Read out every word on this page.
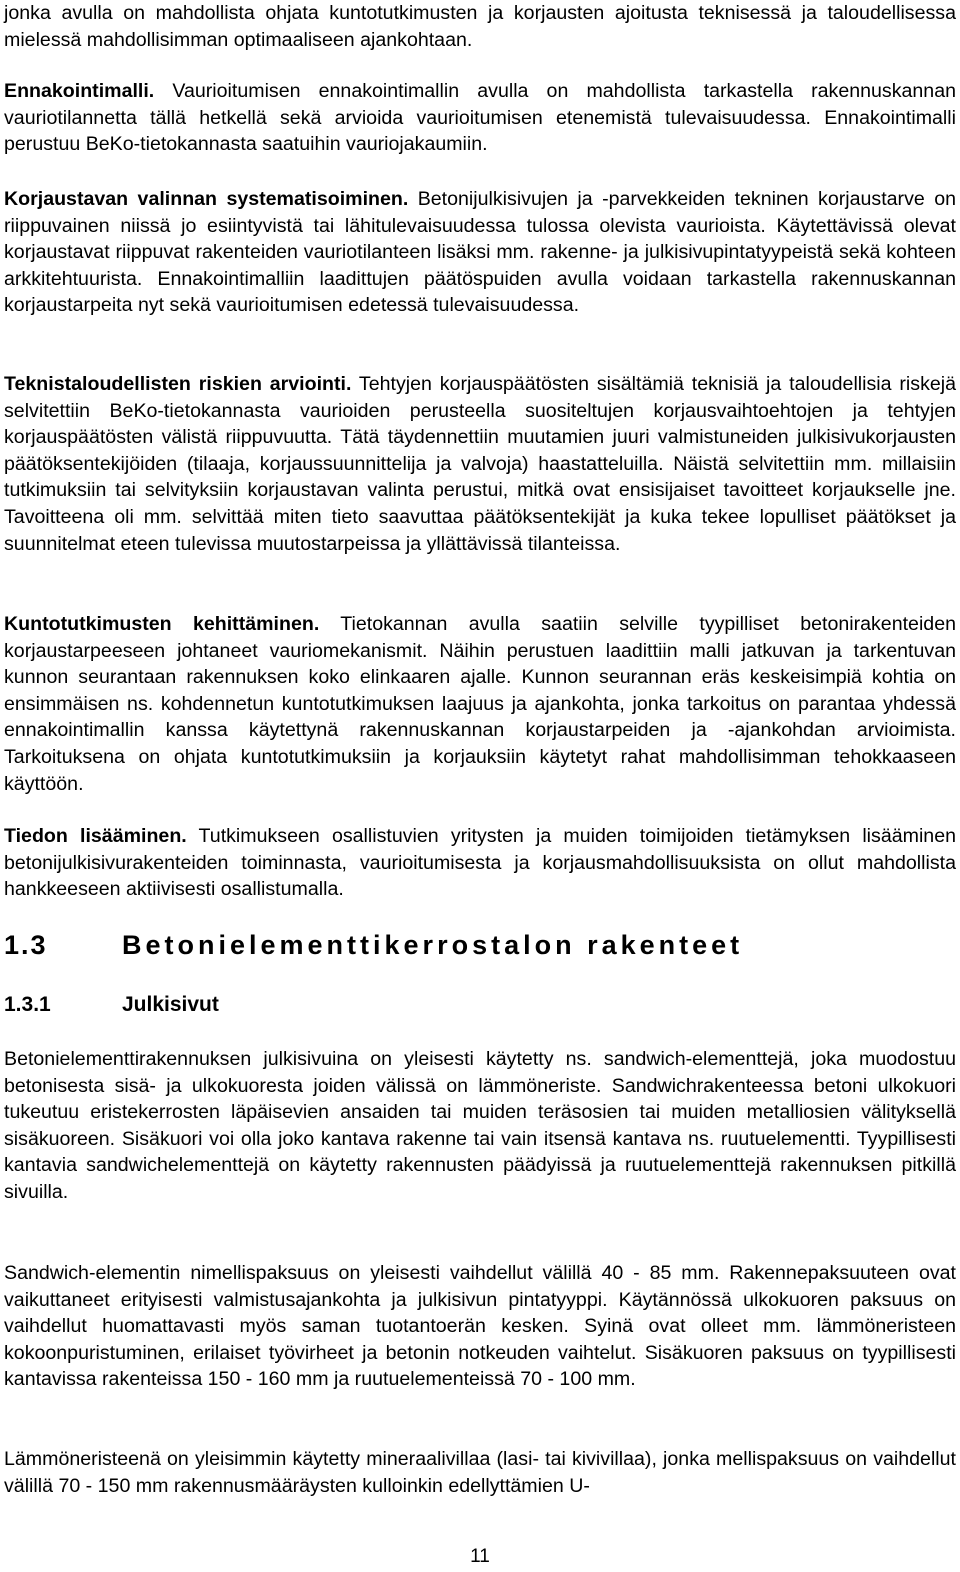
jonka avulla on mahdollista ohjata kuntotutkimusten ja korjausten ajoitusta teknisessä ja taloudellisessa mielessä mahdollisimman optimaaliseen ajankohtaan.

Ennakointimalli. Vaurioitumisen ennakointimallin avulla on mahdollista tarkastella rakennuskannan vauriotilannetta tällä hetkellä sekä arvioida vaurioitumisen etenemistä tulevaisuudessa. Ennakointimalli perustuu BeKo-tietokannasta saatuihin vauriojakaumiin.

Korjaustavan valinnan systematisoiminen. Betonijulkisivujen ja -parvekkeiden tekninen korjaustarve on riippuvainen niissä jo esiintyvistä tai lähitulevaisuudessa tulossa olevista vaurioista. Käytettävissä olevat korjaustavat riippuvat rakenteiden vauriotilanteen lisäksi mm. rakenne- ja julkisivupintatyypeistä sekä kohteen arkkitehtuurista. Ennakointimalliin laadittujen päätöspuiden avulla voidaan tarkastella rakennuskannan korjaustarpeita nyt sekä vaurioitumisen edetessä tulevaisuudessa.

Teknistaloudellisten riskien arviointi. Tehtyjen korjauspäätösten sisältämiä teknisiä ja taloudellisia riskejä selvitettiin BeKo-tietokannasta vaurioiden perusteella suositeltujen korjausvaihtoehtojen ja tehtyjen korjauspäätösten välistä riippuvuutta. Tätä täydennettiin muutamien juuri valmistuneiden julkisivukorjausten päätöksentekijöiden (tilaaja, korjaussuunnittelija ja valvoja) haastatteluilla. Näistä selvitettiin mm. millaisiin tutkimuksiin tai selvityksiin korjaustavan valinta perustui, mitkä ovat ensisijaiset tavoitteet korjaukselle jne. Tavoitteena oli mm. selvittää miten tieto saavuttaa päätöksentekijät ja kuka tekee lopulliset päätökset ja suunnitelmat eteen tulevissa muutostarpeissa ja yllättävissä tilanteissa.

Kuntotutkimusten kehittäminen. Tietokannan avulla saatiin selville tyypilliset betonirakenteiden korjaustarpeeseen johtaneet vauriomekanismit. Näihin perustuen laadittiin malli jatkuvan ja tarkentuvan kunnon seurantaan rakennuksen koko elinkaaren ajalle. Kunnon seurannan eräs keskeisimpiä kohtia on ensimmäisen ns. kohdennetun kuntotutkimuksen laajuus ja ajankohta, jonka tarkoitus on parantaa yhdessä ennakointimallin kanssa käytettynä rakennuskannan korjaustarpeiden ja -ajankohdan arvioimista. Tarkoituksena on ohjata kuntotutkimuksiin ja korjauksiin käytetyt rahat mahdollisimman tehokkaaseen käyttöön.

Tiedon lisääminen. Tutkimukseen osallistuvien yritysten ja muiden toimijoiden tietämyksen lisääminen betonijulkisivurakenteiden toiminnasta, vaurioitumisesta ja korjausmahdollisuuksista on ollut mahdollista hankkeeseen aktiivisesti osallistumalla.

1.3	Betonielementtikerrostalon rakenteet
1.3.1	Julkisivut

Betonielementtirakennuksen julkisivuina on yleisesti käytetty ns. sandwich-elementtejä, joka muodostuu betonisesta sisä- ja ulkokuoresta joiden välissä on lämmöneriste. Sandwichrakenteessa betoni ulkokuori tukeutuu eristekerrosten läpäisevien ansaiden tai muiden teräsosien tai muiden metalliosien välityksellä sisäkuoreen. Sisäkuori voi olla joko kantava rakenne tai vain itsensä kantava ns. ruutuelementti. Tyypillisesti kantavia sandwichelementtejä on käytetty rakennusten päädyissä ja ruutuelementtejä rakennuksen pitkillä sivuilla.

Sandwich-elementin nimellispaksuus on yleisesti vaihdellut välillä 40 - 85 mm. Rakennepaksuuteen ovat vaikuttaneet erityisesti valmistusajankohta ja julkisivun pintatyyppi. Käytännössä ulkokuoren paksuus on vaihdellut huomattavasti myös saman tuotantoerän kesken. Syinä ovat olleet mm. lämmöneristeen kokoonpuristuminen, erilaiset työvirheet ja betonin notkeuden vaihtelut. Sisäkuoren paksuus on tyypillisesti kantavissa rakenteissa 150 - 160 mm ja ruutuelementeissä 70 - 100 mm.

Lämmöneristeenä on yleisimmin käytetty mineraalivillaa (lasi- tai kivivillaa), jonka mellispaksuus on vaihdellut välillä 70 - 150 mm rakennusmääräysten kulloinkin edellyttämien U-

11
